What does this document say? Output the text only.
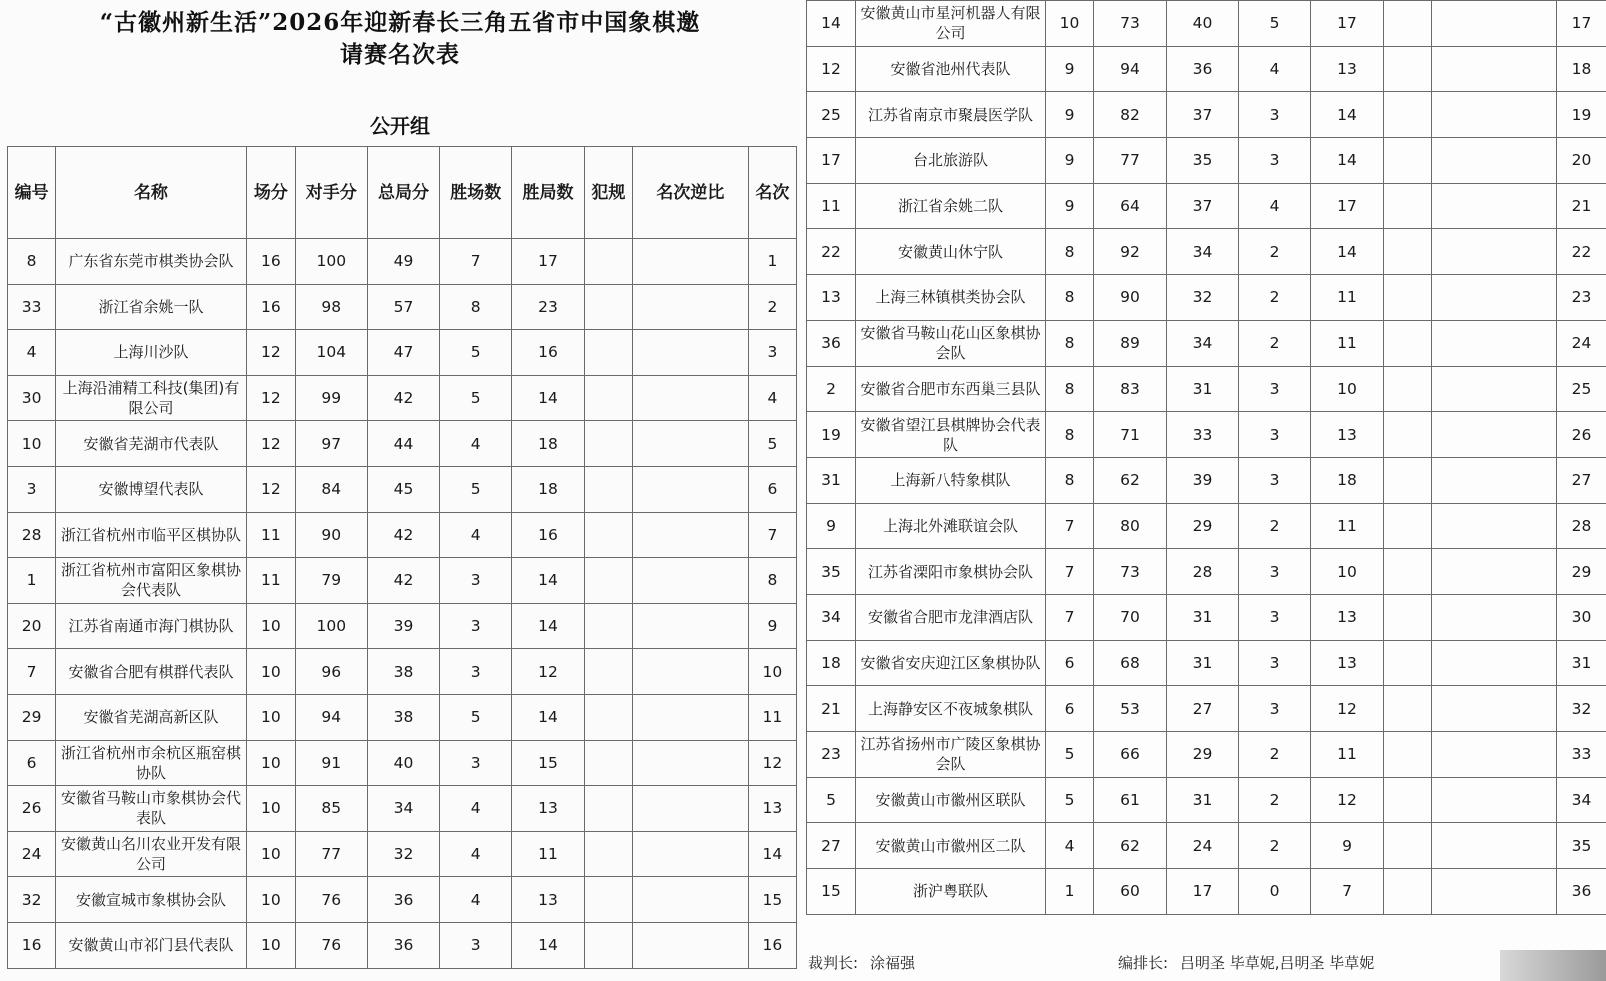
“古徽州新生活”2026年迎新春长三角五省市中国象棋邀
请赛名次表
公开组
编号	名称	场分	对手分	总局分	胜场数	胜局数	犯规	名次逆比	名次
8	广东省东莞市棋类协会队	16	100	49	7	17			1
33	浙江省余姚一队	16	98	57	8	23			2
4	上海川沙队	12	104	47	5	16			3
30	上海沿浦精工科技(集团)有限公司	12	99	42	5	14			4
10	安徽省芜湖市代表队	12	97	44	4	18			5
3	安徽博望代表队	12	84	45	5	18			6
28	浙江省杭州市临平区棋协队	11	90	42	4	16			7
1	浙江省杭州市富阳区象棋协会代表队	11	79	42	3	14			8
20	江苏省南通市海门棋协队	10	100	39	3	14			9
7	安徽省合肥有棋群代表队	10	96	38	3	12			10
29	安徽省芜湖高新区队	10	94	38	5	14			11
6	浙江省杭州市余杭区瓶窑棋协队	10	91	40	3	15			12
26	安徽省马鞍山市象棋协会代表队	10	85	34	4	13			13
24	安徽黄山名川农业开发有限公司	10	77	32	4	11			14
32	安徽宣城市象棋协会队	10	76	36	4	13			15
16	安徽黄山市祁门县代表队	10	76	36	3	14			16
14	安徽黄山市星河机器人有限公司	10	73	40	5	17			17
12	安徽省池州代表队	9	94	36	4	13			18
25	江苏省南京市聚晨医学队	9	82	37	3	14			19
17	台北旅游队	9	77	35	3	14			20
11	浙江省余姚二队	9	64	37	4	17			21
22	安徽黄山休宁队	8	92	34	2	14			22
13	上海三林镇棋类协会队	8	90	32	2	11			23
36	安徽省马鞍山花山区象棋协会队	8	89	34	2	11			24
2	安徽省合肥市东西巢三县队	8	83	31	3	10			25
19	安徽省望江县棋牌协会代表队	8	71	33	3	13			26
31	上海新八特象棋队	8	62	39	3	18			27
9	上海北外滩联谊会队	7	80	29	2	11			28
35	江苏省溧阳市象棋协会队	7	73	28	3	10			29
34	安徽省合肥市龙津酒店队	7	70	31	3	13			30
18	安徽省安庆迎江区象棋协队	6	68	31	3	13			31
21	上海静安区不夜城象棋队	6	53	27	3	12			32
23	江苏省扬州市广陵区象棋协会队	5	66	29	2	11			33
5	安徽黄山市徽州区联队	5	61	31	2	12			34
27	安徽黄山市徽州区二队	4	62	24	2	9			35
15	浙沪粤联队	1	60	17	0	7			36
裁判长: 涂福强	编排长: 吕明圣 毕草妮,吕明圣 毕草妮
